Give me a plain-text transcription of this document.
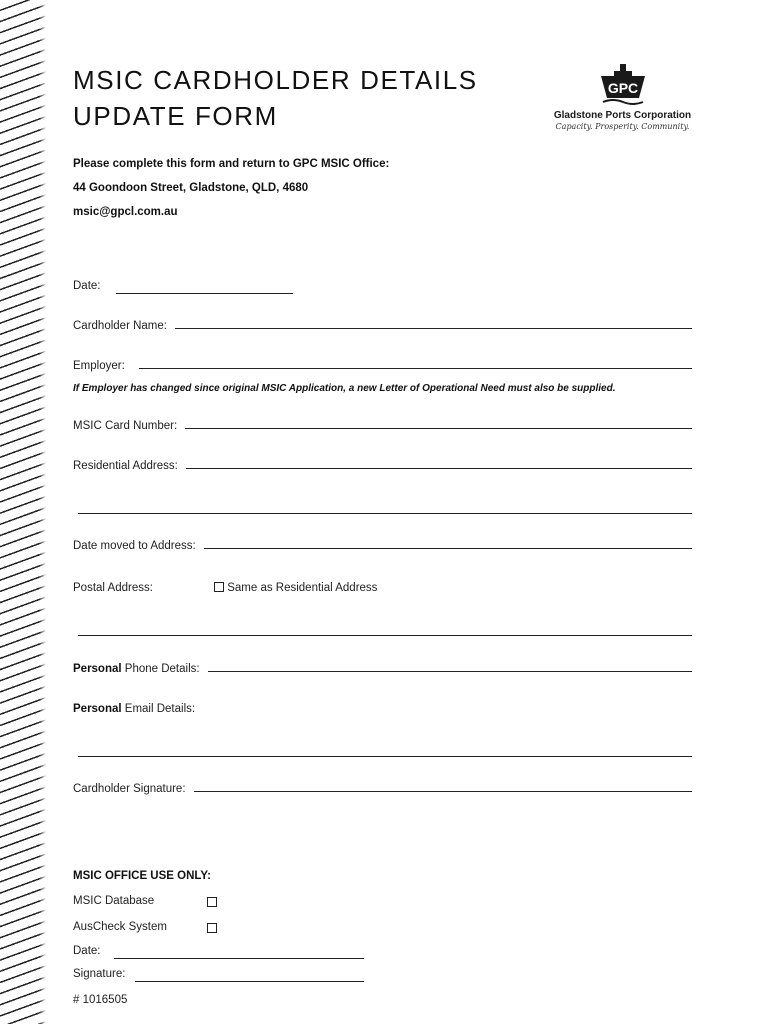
MSIC CARDHOLDER DETAILS
UPDATE FORM
GPC
Gladstone Ports Corporation
Capacity. Prosperity. Community.
Please complete this form and return to GPC MSIC Office:
44 Goondoon Street, Gladstone, QLD, 4680
msic@gpcl.com.au
Date:
Cardholder Name:
Employer:
If Employer has changed since original MSIC Application, a new Letter of Operational Need must also be supplied.
MSIC Card Number:
Residential Address:
Date moved to Address:
Postal Address:	Same as Residential Address
Personal Phone Details:
Personal Email Details:
Cardholder Signature:
MSIC OFFICE USE ONLY:
MSIC Database
AusCheck System
Date:
Signature:
# 1016505
